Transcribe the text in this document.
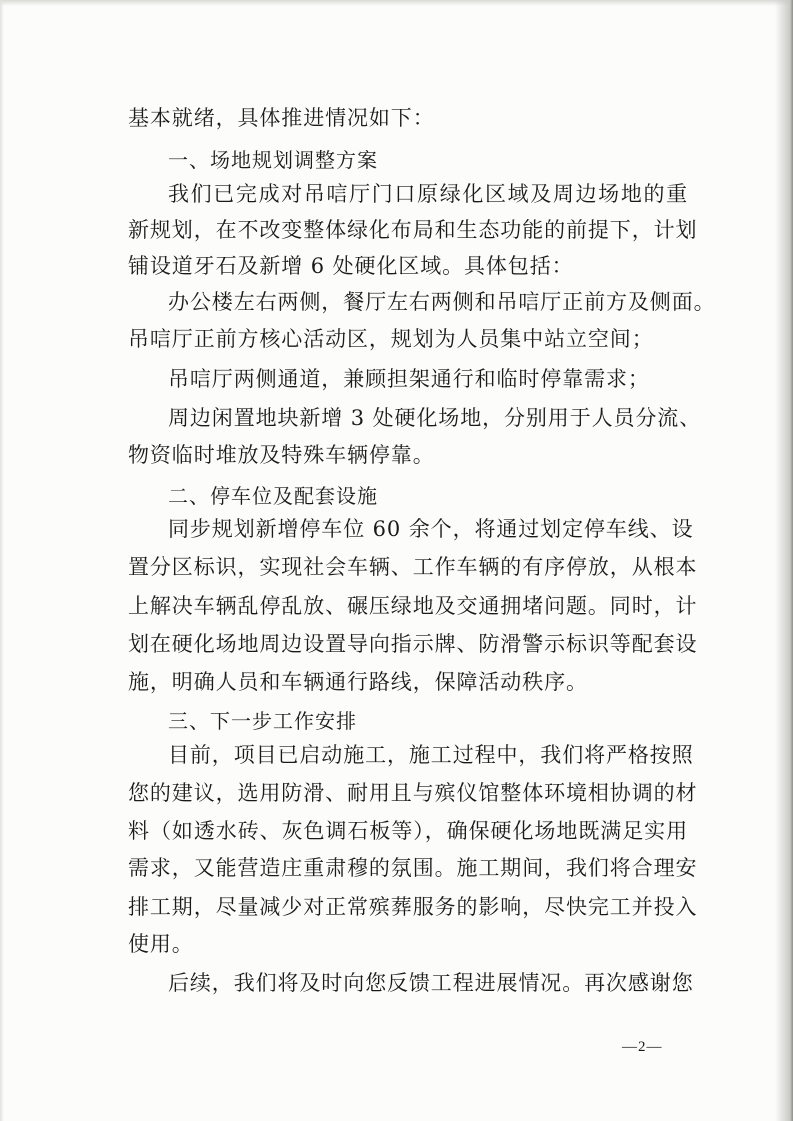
基本就绪，具体推进情况如下：
一、场地规划调整方案
我们已完成对吊唁厅门口原绿化区域及周边场地的重
新规划，在不改变整体绿化布局和生态功能的前提下，计划
铺设道牙石及新增 6 处硬化区域。具体包括：
办公楼左右两侧，餐厅左右两侧和吊唁厅正前方及侧面。
吊唁厅正前方核心活动区，规划为人员集中站立空间；
吊唁厅两侧通道，兼顾担架通行和临时停靠需求；
周边闲置地块新增 3 处硬化场地，分别用于人员分流、
物资临时堆放及特殊车辆停靠。
二、停车位及配套设施
同步规划新增停车位 60 余个，将通过划定停车线、设
置分区标识，实现社会车辆、工作车辆的有序停放，从根本
上解决车辆乱停乱放、碾压绿地及交通拥堵问题。同时，计
划在硬化场地周边设置导向指示牌、防滑警示标识等配套设
施，明确人员和车辆通行路线，保障活动秩序。
三、下一步工作安排
目前，项目已启动施工，施工过程中，我们将严格按照
您的建议，选用防滑、耐用且与殡仪馆整体环境相协调的材
料（如透水砖、灰色调石板等），确保硬化场地既满足实用
需求，又能营造庄重肃穆的氛围。施工期间，我们将合理安
排工期，尽量减少对正常殡葬服务的影响，尽快完工并投入
使用。
后续，我们将及时向您反馈工程进展情况。再次感谢您
—2—
